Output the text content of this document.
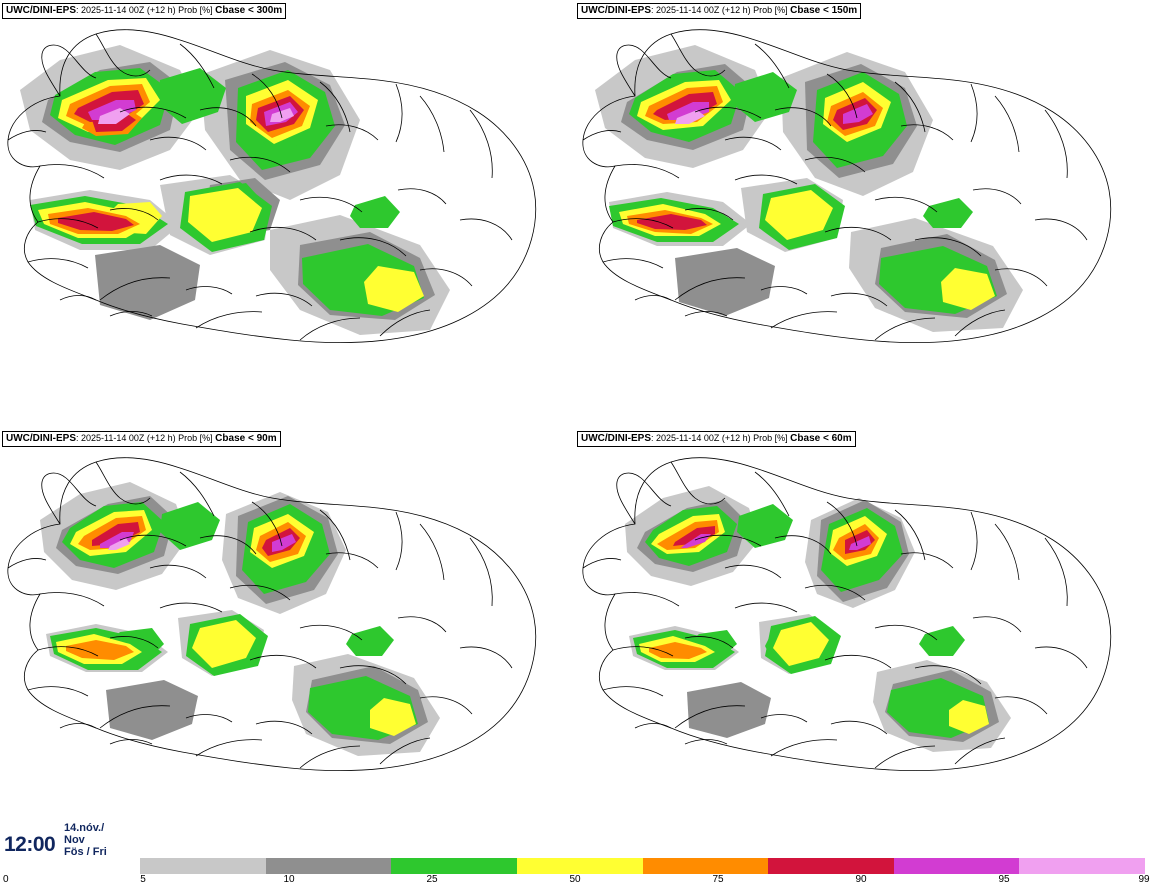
UWC/DINI-EPS: 2025-11-14 00Z (+12 h) Prob [%] Cbase < 300m	UWC/DINI-EPS: 2025-11-14 00Z (+12 h) Prob [%] Cbase < 150m
UWC/DINI-EPS: 2025-11-14 00Z (+12 h) Prob [%] Cbase < 90m	UWC/DINI-EPS: 2025-11-14 00Z (+12 h) Prob [%] Cbase < 60m
12:00
14.nóv./
Nov
Fös / Fri
0	5	10	25	50	75	90	95	99
